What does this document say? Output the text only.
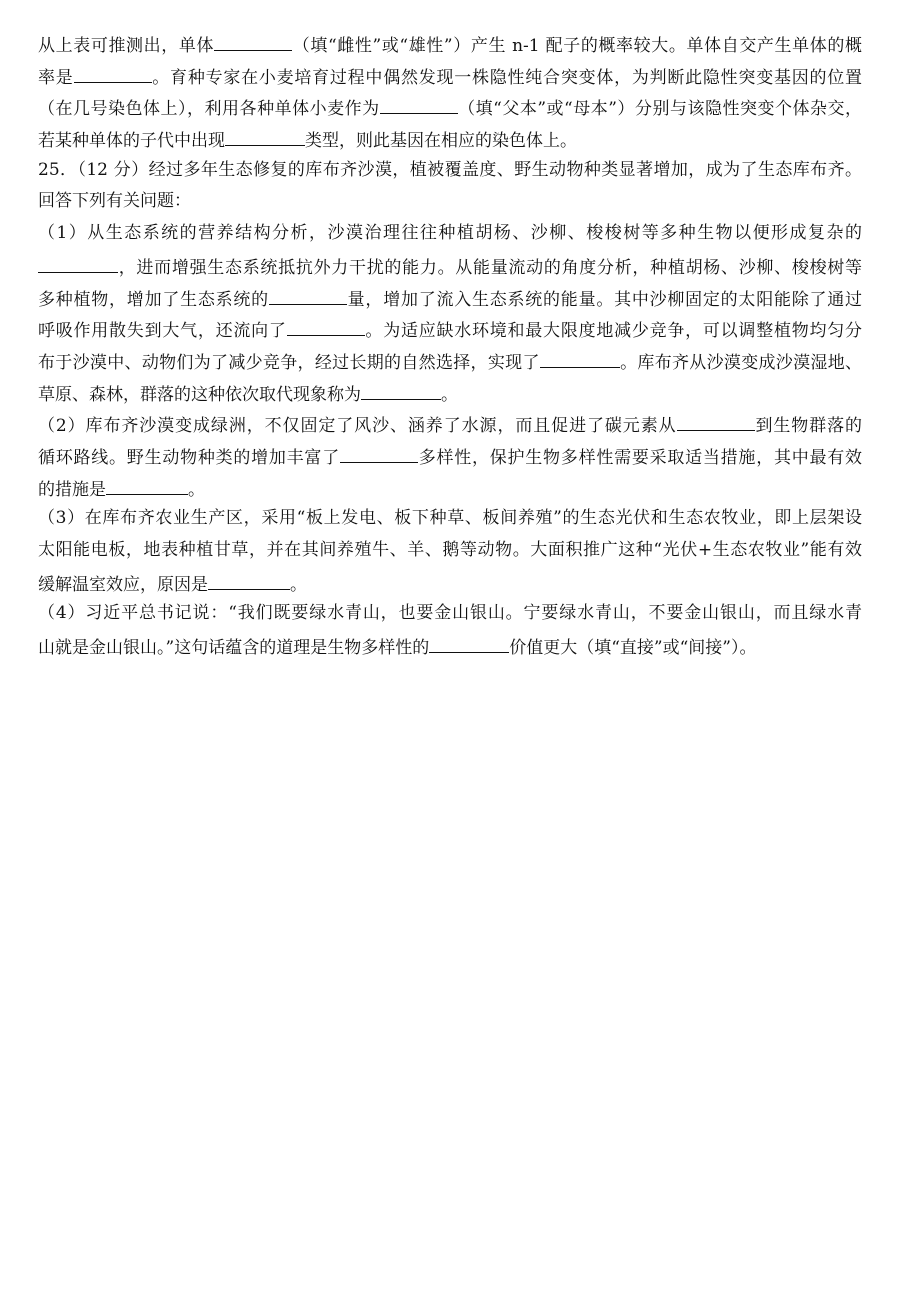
从上表可推测出，单体	（填“雌性”或“雄性”）产生 n-1 配子的概率较大。单体自交产生单体的概
率是	。育种专家在小麦培育过程中偶然发现一株隐性纯合突变体，为判断此隐性突变基因的位置
（在几号染色体上），利用各种单体小麦作为	（填“父本”或“母本”）分别与该隐性突变个体杂交，
若某种单体的子代中出现	类型，则此基因在相应的染色体上。
25．（12 分）经过多年生态修复的库布齐沙漠，植被覆盖度、野生动物种类显著增加，成为了生态库布齐。
回答下列有关问题：
（1）从生态系统的营养结构分析，沙漠治理往往种植胡杨、沙柳、梭梭树等多种生物以便形成复杂的
，进而增强生态系统抵抗外力干扰的能力。从能量流动的角度分析，种植胡杨、沙柳、梭梭树等
多种植物，增加了生态系统的	量，增加了流入生态系统的能量。其中沙柳固定的太阳能除了通过
呼吸作用散失到大气，还流向了	。为适应缺水环境和最大限度地减少竞争，可以调整植物均匀分
布于沙漠中、动物们为了减少竞争，经过长期的自然选择，实现了	。库布齐从沙漠变成沙漠湿地、
草原、森林，群落的这种依次取代现象称为	。
（2）库布齐沙漠变成绿洲，不仅固定了风沙、涵养了水源，而且促进了碳元素从	到生物群落的
循环路线。野生动物种类的增加丰富了	多样性，保护生物多样性需要采取适当措施，其中最有效
的措施是	。
（3）在库布齐农业生产区，采用“板上发电、板下种草、板间养殖”的生态光伏和生态农牧业，即上层架设
太阳能电板，地表种植甘草，并在其间养殖牛、羊、鹅等动物。大面积推广这种“光伏+生态农牧业”能有效
缓解温室效应，原因是	。
（4）习近平总书记说：“我们既要绿水青山，也要金山银山。宁要绿水青山，不要金山银山，而且绿水青
山就是金山银山。”这句话蕴含的道理是生物多样性的	价值更大（填“直接”或“间接”）。
